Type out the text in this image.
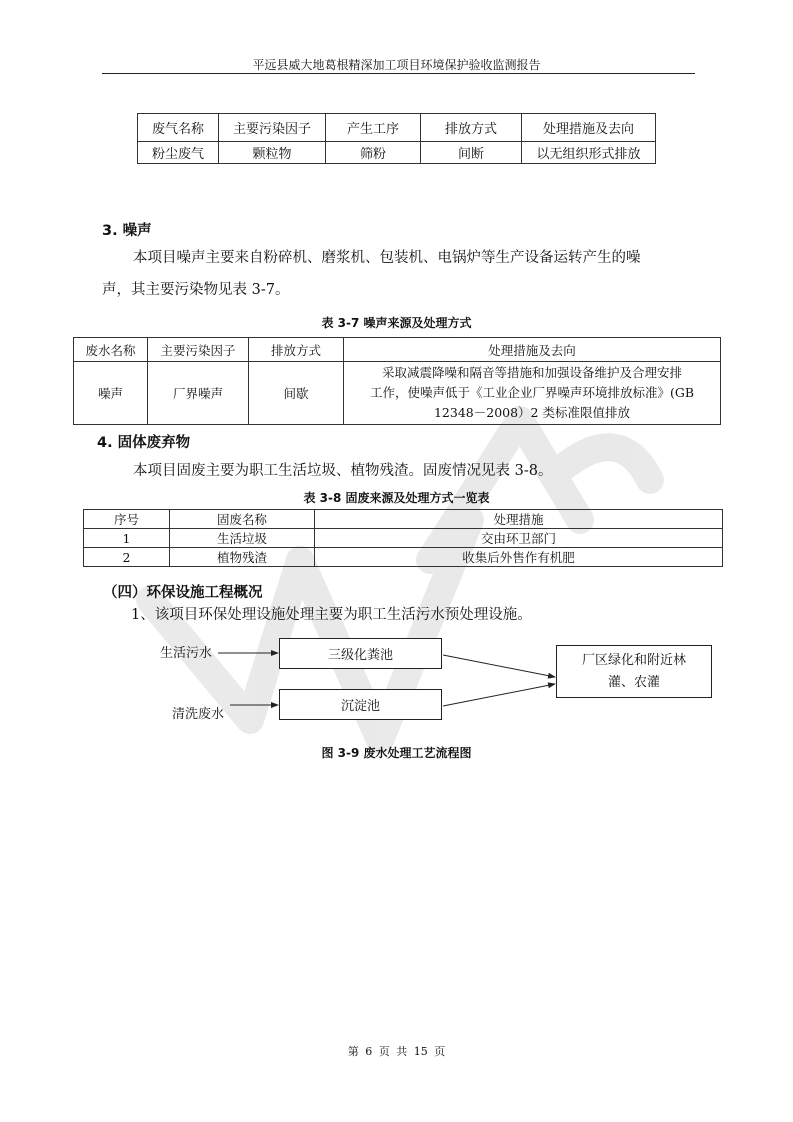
平远县威大地葛根精深加工项目环境保护验收监测报告
废气名称	主要污染因子	产生工序	排放方式	处理措施及去向
粉尘废气	颗粒物	筛粉	间断	以无组织形式排放
3. 噪声
本项目噪声主要来自粉碎机、磨浆机、包装机、电锅炉等生产设备运转产生的噪
声，其主要污染物见表 3-7。
表 3-7 噪声来源及处理方式
废水名称	主要污染因子	排放方式	处理措施及去向
噪声	厂界噪声	间歇	采取减震降噪和隔音等措施和加强设备维护及合理安排
工作，使噪声低于《工业企业厂界噪声环境排放标准》(GB
12348－2008）2 类标准限值排放
4. 固体废弃物
本项目固废主要为职工生活垃圾、植物残渣。固废情况见表 3-8。
表 3-8 固废来源及处理方式一览表
序号	固废名称	处理措施
1	生活垃圾	交由环卫部门
2	植物残渣	收集后外售作有机肥
（四）环保设施工程概况
1、该项目环保处理设施处理主要为职工生活污水预处理设施。
生活污水
清洗废水
三级化粪池
沉淀池
厂区绿化和附近林
灌、农灌
图 3-9 废水处理工艺流程图
第 6 页 共 15 页
